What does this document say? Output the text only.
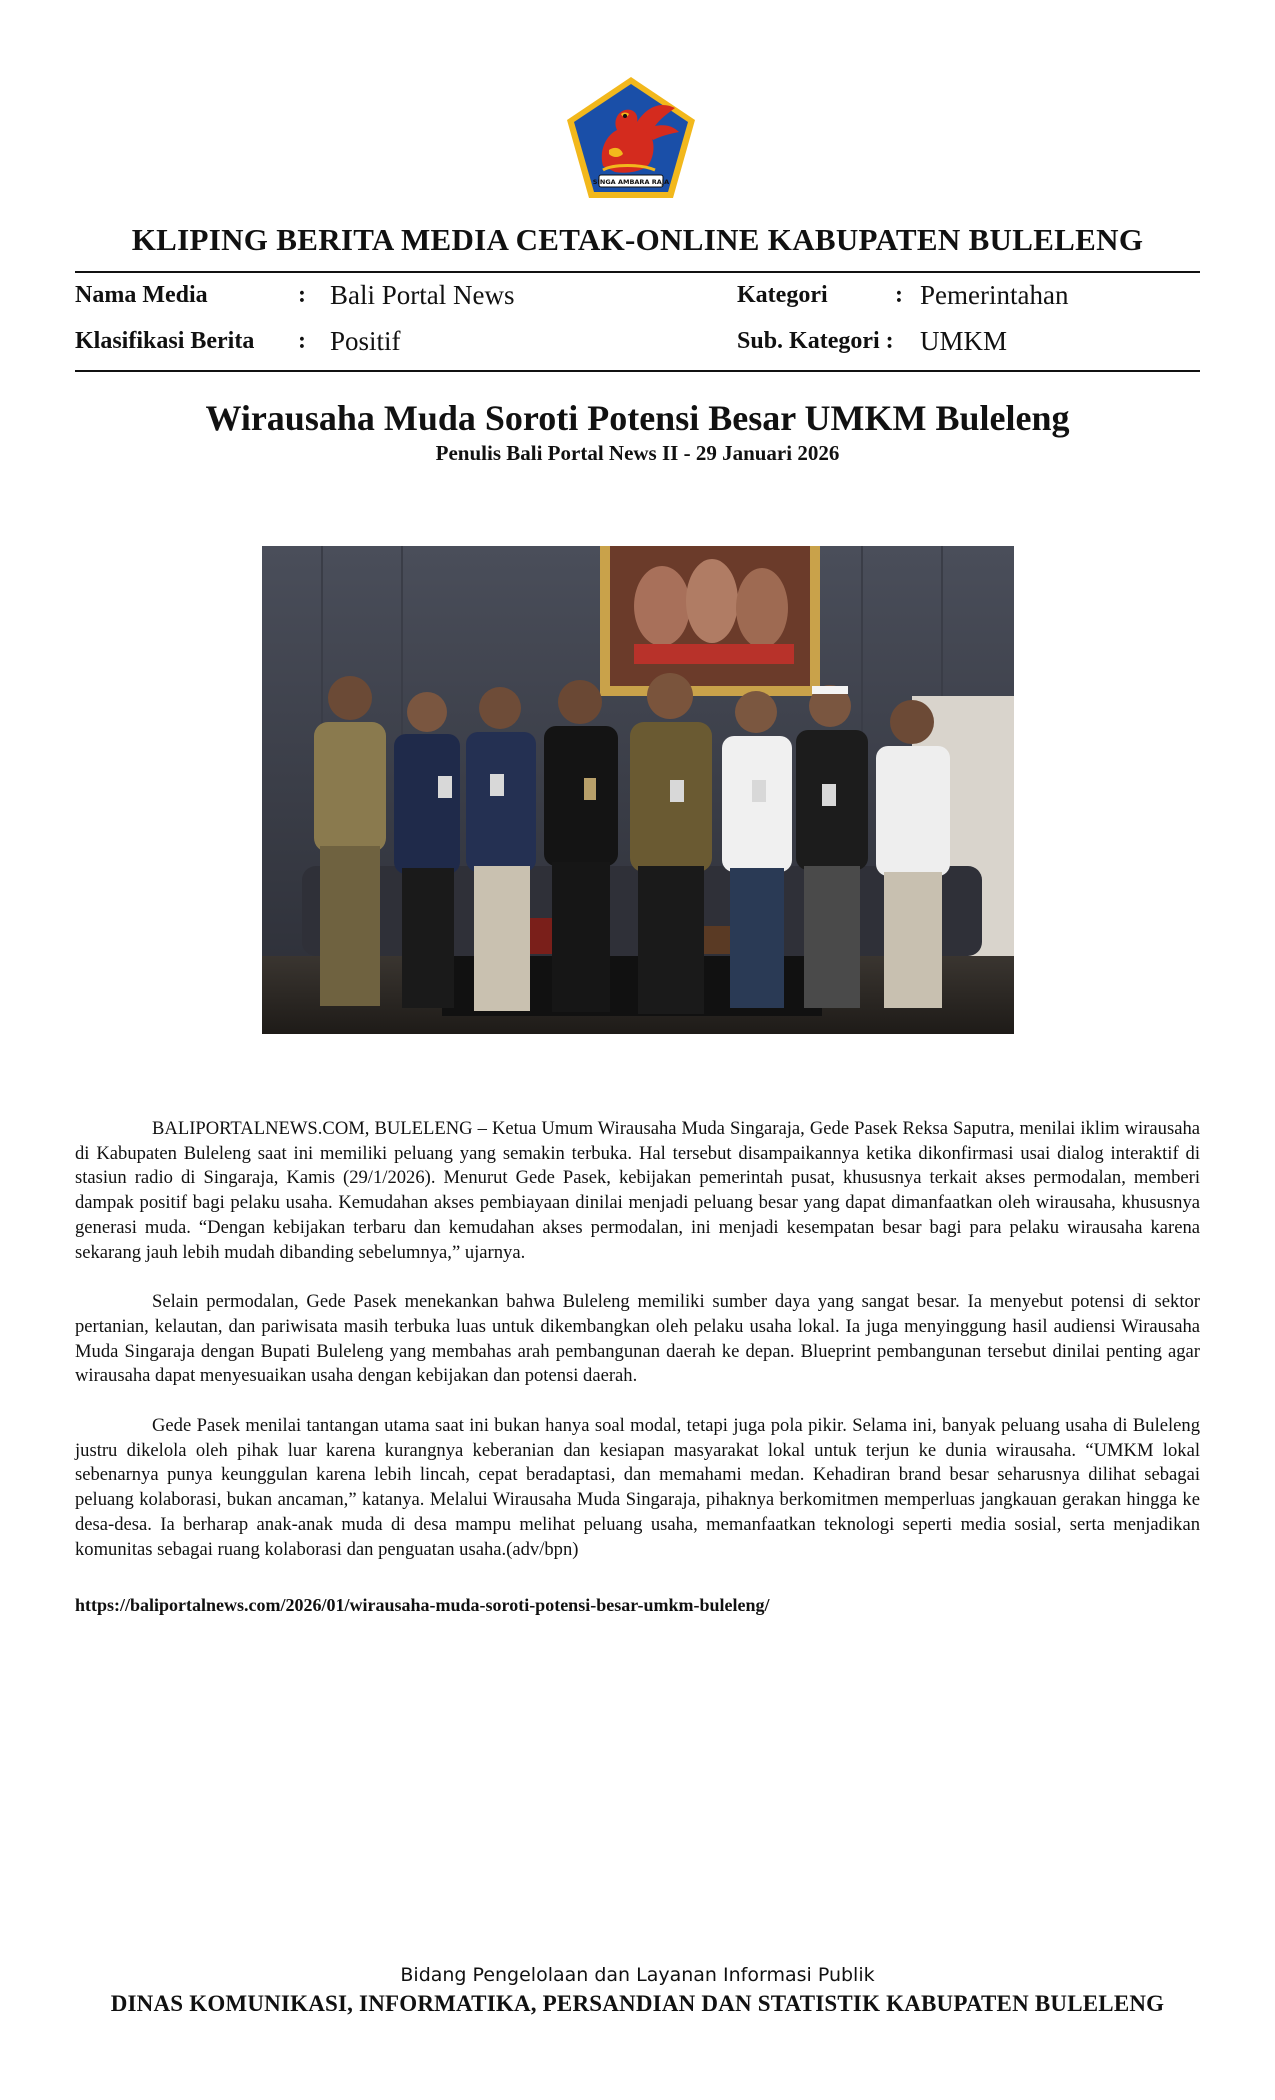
SINGA AMBARA RAJA
KLIPING BERITA MEDIA CETAK-ONLINE KABUPATEN BULELENG
Nama Media	: Bali Portal News	Kategori	: Pemerintahan
Klasifikasi Berita : Positif	Sub. Kategori : UMKM
Wirausaha Muda Soroti Potensi Besar UMKM Buleleng
Penulis Bali Portal News II - 29 Januari 2026

BALIPORTALNEWS.COM, BULELENG – Ketua Umum Wirausaha Muda Singaraja, Gede Pasek Reksa Saputra, menilai iklim wirausaha di Kabupaten Buleleng saat ini memiliki peluang yang semakin terbuka. Hal tersebut disampaikannya ketika dikonfirmasi usai dialog interaktif di stasiun radio di Singaraja, Kamis (29/1/2026). Menurut Gede Pasek, kebijakan pemerintah pusat, khususnya terkait akses permodalan, memberi dampak positif bagi pelaku usaha. Kemudahan akses pembiayaan dinilai menjadi peluang besar yang dapat dimanfaatkan oleh wirausaha, khususnya generasi muda. “Dengan kebijakan terbaru dan kemudahan akses permodalan, ini menjadi kesempatan besar bagi para pelaku wirausaha karena sekarang jauh lebih mudah dibanding sebelumnya,” ujarnya.

Selain permodalan, Gede Pasek menekankan bahwa Buleleng memiliki sumber daya yang sangat besar. Ia menyebut potensi di sektor pertanian, kelautan, dan pariwisata masih terbuka luas untuk dikembangkan oleh pelaku usaha lokal. Ia juga menyinggung hasil audiensi Wirausaha Muda Singaraja dengan Bupati Buleleng yang membahas arah pembangunan daerah ke depan. Blueprint pembangunan tersebut dinilai penting agar wirausaha dapat menyesuaikan usaha dengan kebijakan dan potensi daerah.

Gede Pasek menilai tantangan utama saat ini bukan hanya soal modal, tetapi juga pola pikir. Selama ini, banyak peluang usaha di Buleleng justru dikelola oleh pihak luar karena kurangnya keberanian dan kesiapan masyarakat lokal untuk terjun ke dunia wirausaha. “UMKM lokal sebenarnya punya keunggulan karena lebih lincah, cepat beradaptasi, dan memahami medan. Kehadiran brand besar seharusnya dilihat sebagai peluang kolaborasi, bukan ancaman,” katanya. Melalui Wirausaha Muda Singaraja, pihaknya berkomitmen memperluas jangkauan gerakan hingga ke desa-desa. Ia berharap anak-anak muda di desa mampu melihat peluang usaha, memanfaatkan teknologi seperti media sosial, serta menjadikan komunitas sebagai ruang kolaborasi dan penguatan usaha.(adv/bpn)

https://baliportalnews.com/2026/01/wirausaha-muda-soroti-potensi-besar-umkm-buleleng/
Bidang Pengelolaan dan Layanan Informasi Publik
DINAS KOMUNIKASI, INFORMATIKA, PERSANDIAN DAN STATISTIK KABUPATEN BULELENG
